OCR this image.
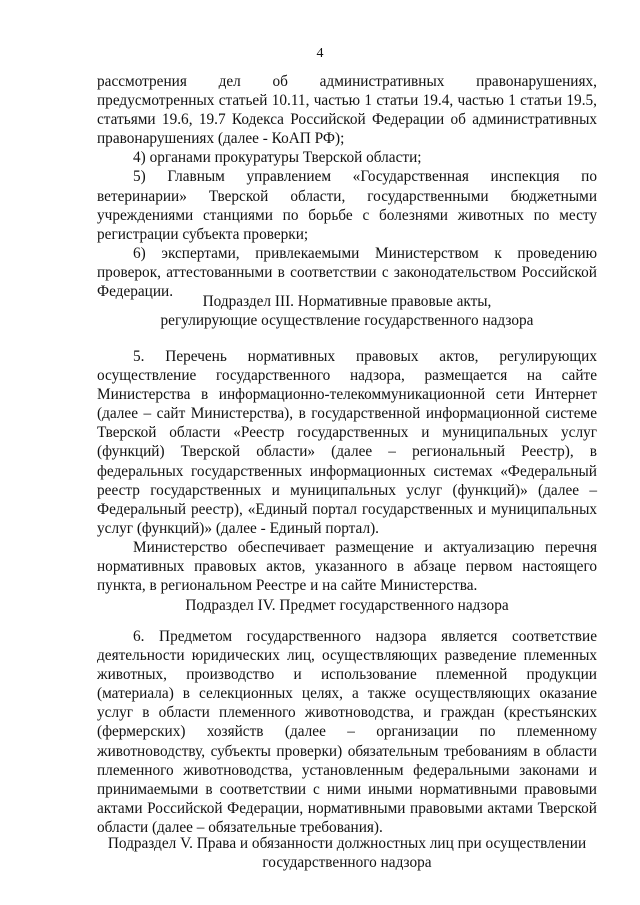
4

рассмотрения дел об административных правонарушениях, предусмотренных статьей 10.11, частью 1 статьи 19.4, частью 1 статьи 19.5, статьями 19.6, 19.7 Кодекса Российской Федерации об административных правонарушениях (далее - КоАП РФ);

4) органами прокуратуры Тверской области;

5) Главным управлением «Государственная инспекция по ветеринарии» Тверской области, государственными бюджетными учреждениями станциями по борьбе с болезнями животных по месту регистрации субъекта проверки;

6) экспертами, привлекаемыми Министерством к проведению проверок, аттестованными в соответствии с законодательством Российской Федерации.

Подраздел III. Нормативные правовые акты,

регулирующие осуществление государственного надзора

5. Перечень нормативных правовых актов, регулирующих осуществление государственного надзора, размещается на сайте Министерства в информационно-телекоммуникационной сети Интернет (далее – сайт Министерства), в государственной информационной системе Тверской области «Реестр государственных и муниципальных услуг (функций) Тверской области» (далее – региональный Реестр), в федеральных государственных информационных системах «Федеральный реестр государственных и муниципальных услуг (функций)» (далее – Федеральный реестр), «Единый портал государственных и муниципальных услуг (функций)» (далее - Единый портал).

Министерство обеспечивает размещение и актуализацию перечня нормативных правовых актов, указанного в абзаце первом настоящего пункта, в региональном Реестре и на сайте Министерства.

Подраздел IV. Предмет государственного надзора

6. Предметом государственного надзора является соответствие деятельности юридических лиц, осуществляющих разведение племенных животных, производство и использование племенной продукции (материала) в селекционных целях, а также осуществляющих оказание услуг в области племенного животноводства, и граждан (крестьянских (фермерских) хозяйств (далее – организации по племенному животноводству, субъекты проверки) обязательным требованиям в области племенного животноводства, установленным федеральными законами и принимаемыми в соответствии с ними иными нормативными правовыми актами Российской Федерации, нормативными правовыми актами Тверской области (далее – обязательные требования).

Подраздел V. Права и обязанности должностных лиц при осуществлении

государственного надзора
